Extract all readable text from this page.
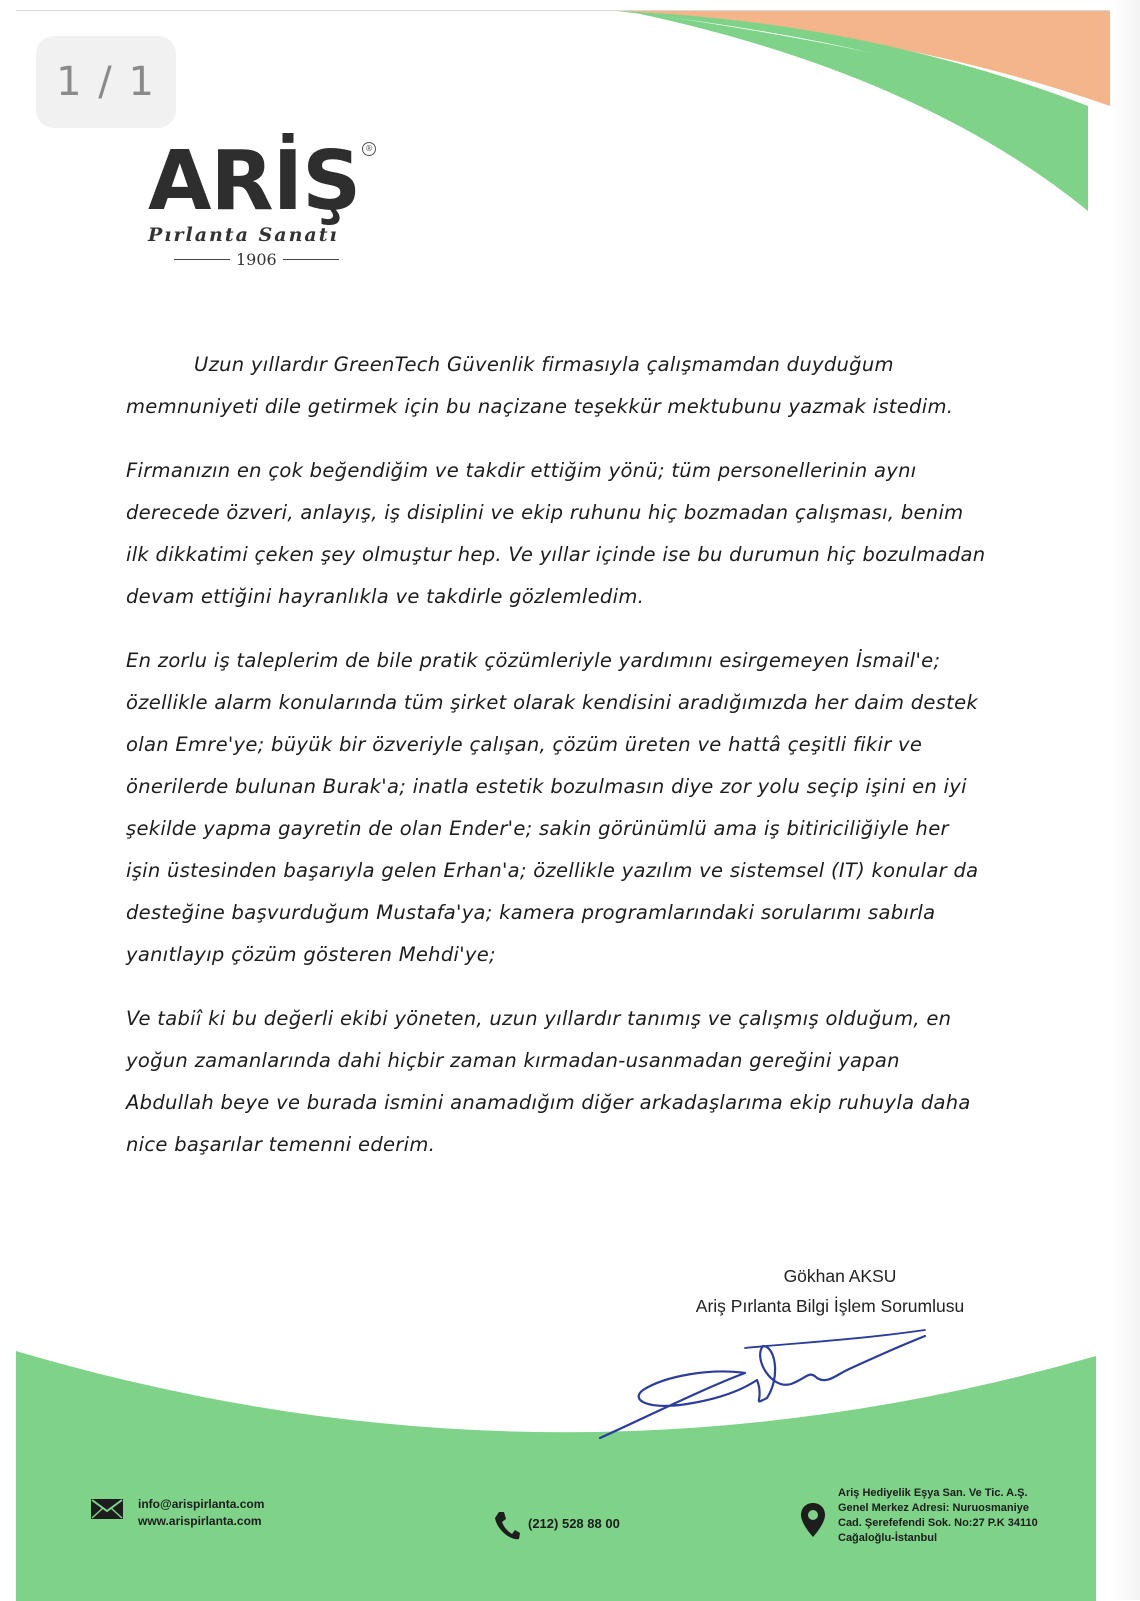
1 / 1
ARİŞ ®
Pırlanta Sanatı
1906

Uzun yıllardır GreenTech Güvenlik firmasıyla çalışmamdan duyduğum memnuniyeti dile getirmek için bu naçizane teşekkür mektubunu yazmak istedim.

Firmanızın en çok beğendiğim ve takdir ettiğim yönü; tüm personellerinin aynı derecede özveri, anlayış, iş disiplini ve ekip ruhunu hiç bozmadan çalışması, benim ilk dikkatimi çeken şey olmuştur hep. Ve yıllar içinde ise bu durumun hiç bozulmadan devam ettiğini hayranlıkla ve takdirle gözlemledim.

En zorlu iş taleplerim de bile pratik çözümleriyle yardımını esirgemeyen İsmail'e; özellikle alarm konularında tüm şirket olarak kendisini aradığımızda her daim destek olan Emre'ye; büyük bir özveriyle çalışan, çözüm üreten ve hattâ çeşitli fikir ve önerilerde bulunan Burak'a; inatla estetik bozulmasın diye zor yolu seçip işini en iyi şekilde yapma gayretin de olan Ender'e; sakin görünümlü ama iş bitiriciliğiyle her işin üstesinden başarıyla gelen Erhan'a; özellikle yazılım ve sistemsel (IT) konular da desteğine başvurduğum Mustafa'ya; kamera programlarındaki sorularımı sabırla yanıtlayıp çözüm gösteren Mehdi'ye;

Ve tabiî ki bu değerli ekibi yöneten, uzun yıllardır tanımış ve çalışmış olduğum, en yoğun zamanlarında dahi hiçbir zaman kırmadan-usanmadan gereğini yapan Abdullah beye ve burada ismini anamadığım diğer arkadaşlarıma ekip ruhuyla daha nice başarılar temenni ederim.

Gökhan AKSU
Ariş Pırlanta Bilgi İşlem Sorumlusu
info@arispirlanta.com
www.arispirlanta.com	(212) 528 88 00
Ariş Hediyelik Eşya San. Ve Tic. A.Ş.
Genel Merkez Adresi: Nuruosmaniye
Cad. Şerefefendi Sok. No:27 P.K 34110
Cağaloğlu-İstanbul
